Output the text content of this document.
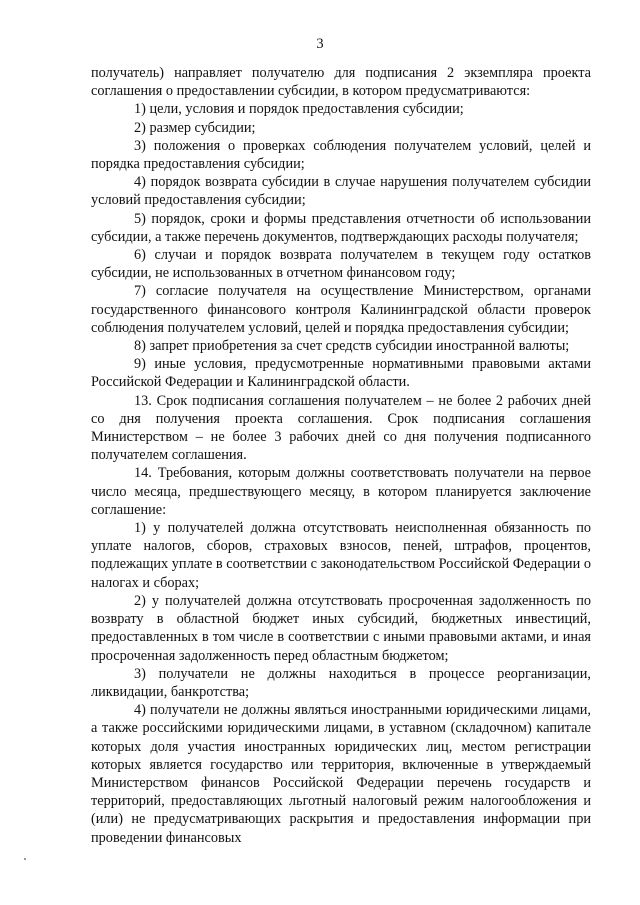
3

получатель) направляет получателю для подписания 2 экземпляра проекта соглашения о предоставлении субсидии, в котором предусматриваются:

1) цели, условия и порядок предоставления субсидии;

2) размер субсидии;

3) положения о проверках соблюдения получателем условий, целей и порядка предоставления субсидии;

4) порядок возврата субсидии в случае нарушения получателем субсидии условий предоставления субсидии;

5) порядок, сроки и формы представления отчетности об использовании субсидии, а также перечень документов, подтверждающих расходы получателя;

6) случаи и порядок возврата получателем в текущем году остатков субсидии, не использованных в отчетном финансовом году;

7) согласие получателя на осуществление Министерством, органами государственного финансового контроля Калининградской области проверок соблюдения получателем условий, целей и порядка предоставления субсидии;

8) запрет приобретения за счет средств субсидии иностранной валюты;

9) иные условия, предусмотренные нормативными правовыми актами Российской Федерации и Калининградской области.

13. Срок подписания соглашения получателем – не более 2 рабочих дней со дня получения проекта соглашения. Срок подписания соглашения Министерством – не более 3 рабочих дней со дня получения подписанного получателем соглашения.

14. Требования, которым должны соответствовать получатели на первое число месяца, предшествующего месяцу, в котором планируется заключение соглашение:

1) у получателей должна отсутствовать неисполненная обязанность по уплате налогов, сборов, страховых взносов, пеней, штрафов, процентов, подлежащих уплате в соответствии с законодательством Российской Федерации о налогах и сборах;

2) у получателей должна отсутствовать просроченная задолженность по возврату в областной бюджет иных субсидий, бюджетных инвестиций, предоставленных в том числе в соответствии с иными правовыми актами, и иная просроченная задолженность перед областным бюджетом;

3) получатели не должны находиться в процессе реорганизации, ликвидации, банкротства;

4) получатели не должны являться иностранными юридическими лицами, а также российскими юридическими лицами, в уставном (складочном) капитале которых доля участия иностранных юридических лиц, местом регистрации которых является государство или территория, включенные в утверждаемый Министерством финансов Российской Федерации перечень государств и территорий, предоставляющих льготный налоговый режим налогообложения и (или) не предусматривающих раскрытия и предоставления информации при проведении финансовых
